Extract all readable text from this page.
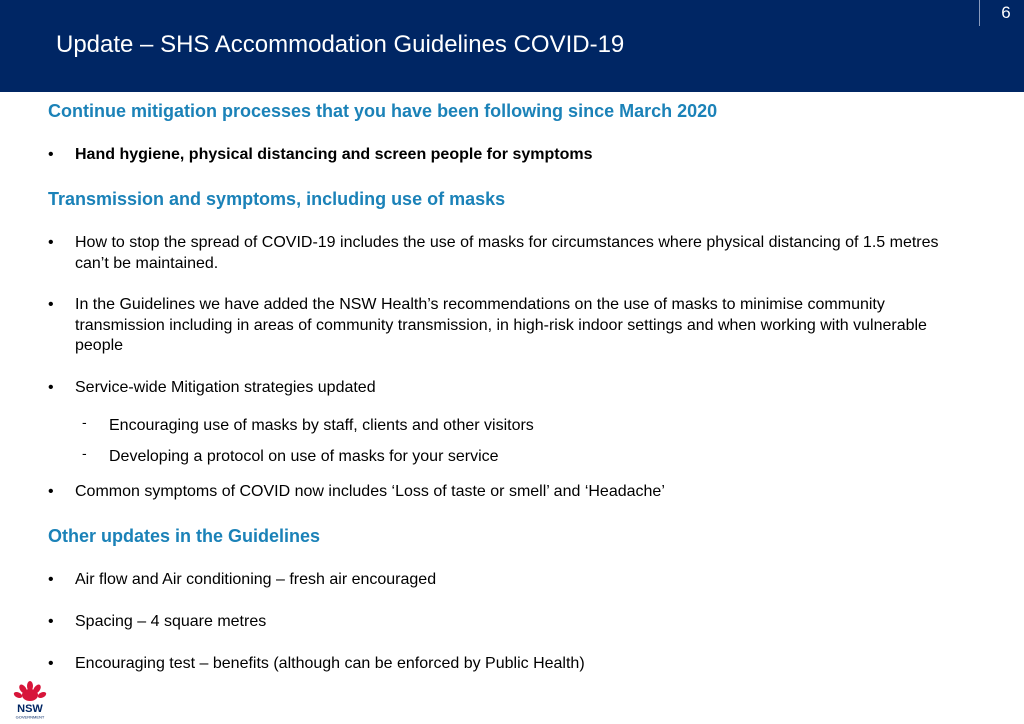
Update – SHS Accommodation Guidelines COVID-19
6
Continue mitigation processes that you have been following since March 2020
•	Hand hygiene, physical distancing and screen people for symptoms
Transmission and symptoms, including use of masks
•	How to stop the spread of COVID-19 includes the use of masks for circumstances where physical distancing of 1.5 metres can’t be maintained.
•	In the Guidelines we have added the NSW Health’s recommendations on the use of masks to minimise community transmission including in areas of community transmission, in high-risk indoor settings and when working with vulnerable people
•	Service-wide Mitigation strategies updated
- Encouraging use of masks by staff, clients and other visitors
- Developing a protocol on use of masks for your service
•	Common symptoms of COVID now includes ‘Loss of taste or smell’ and ‘Headache’
Other updates in the Guidelines
•	Air flow and Air conditioning – fresh air encouraged
•	Spacing – 4 square metres
•	Encouraging test – benefits (although can be enforced by Public Health)
NSW
GOVERNMENT
